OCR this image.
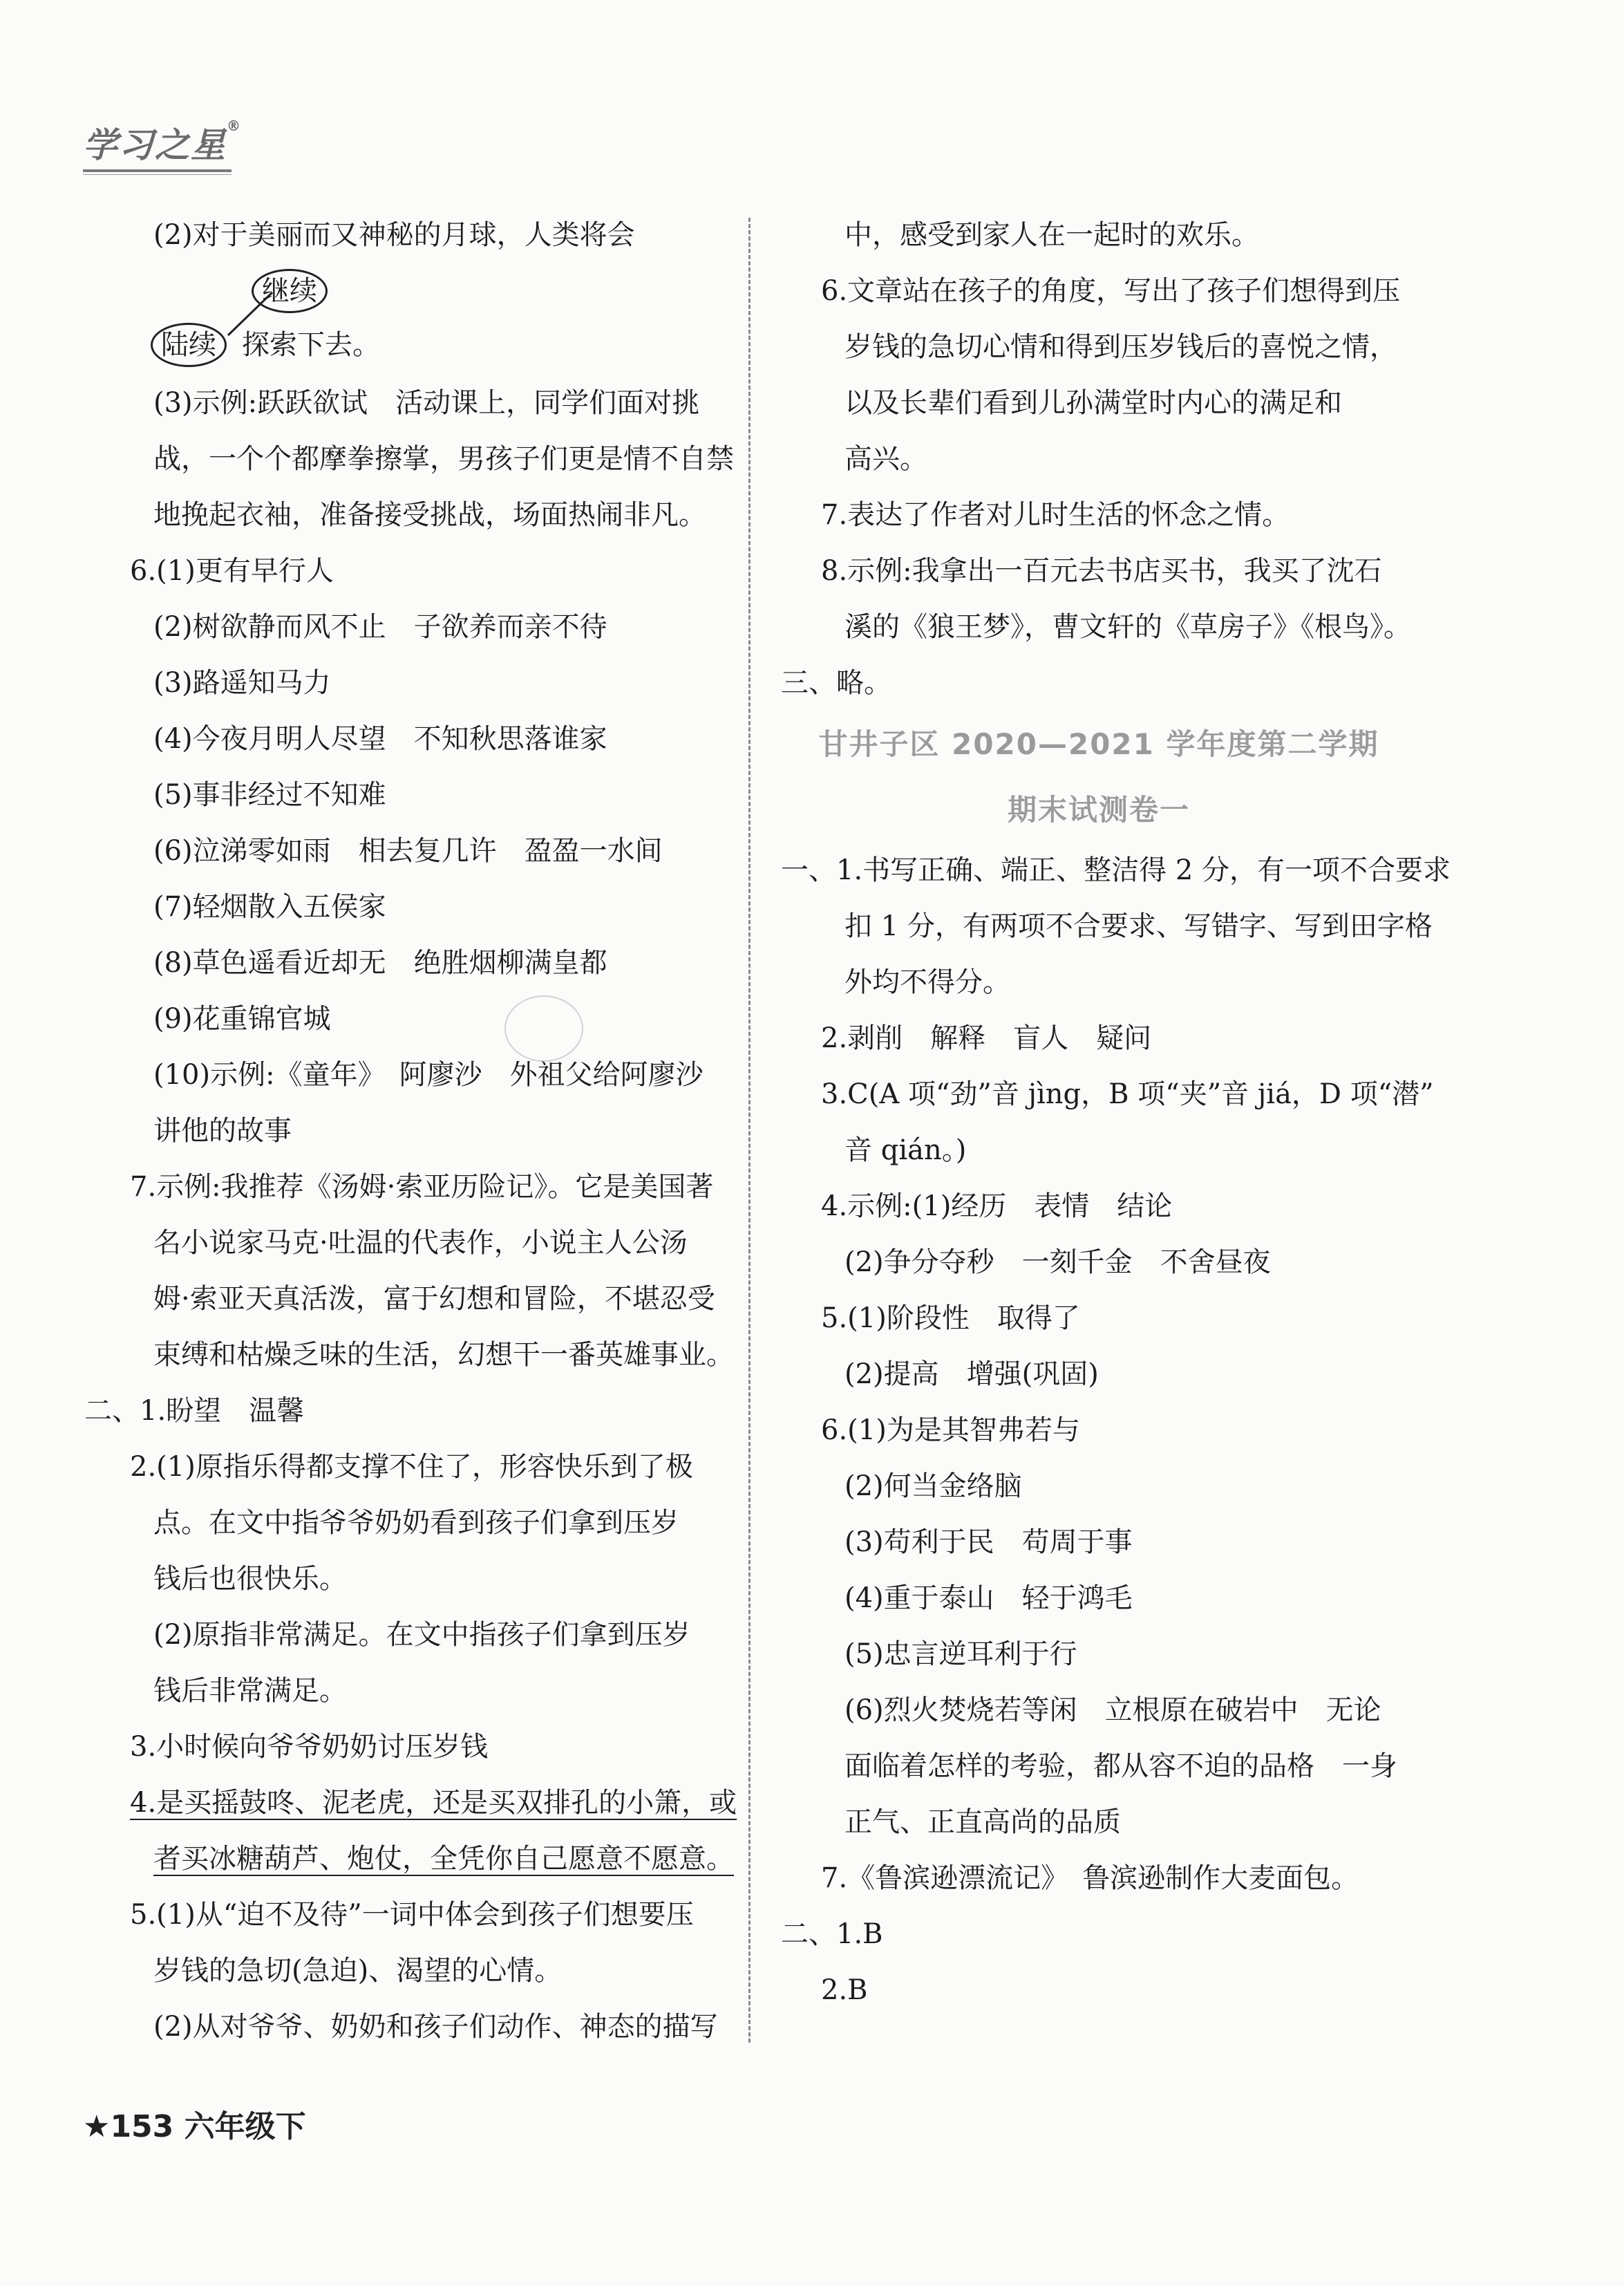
学习之星®
(2)对于美丽而又神秘的月球，人类将会
继续
陆续 探索下去。
(3)示例:跃跃欲试　活动课上，同学们面对挑
战，一个个都摩拳擦掌，男孩子们更是情不自禁
地挽起衣袖，准备接受挑战，场面热闹非凡。
6.(1)更有早行人
(2)树欲静而风不止　子欲养而亲不待
(3)路遥知马力
(4)今夜月明人尽望　不知秋思落谁家
(5)事非经过不知难
(6)泣涕零如雨　相去复几许　盈盈一水间
(7)轻烟散入五侯家
(8)草色遥看近却无　绝胜烟柳满皇都
(9)花重锦官城
(10)示例:《童年》　阿廖沙　外祖父给阿廖沙
讲他的故事
7.示例:我推荐《汤姆·索亚历险记》。它是美国著
名小说家马克·吐温的代表作，小说主人公汤
姆·索亚天真活泼，富于幻想和冒险，不堪忍受
束缚和枯燥乏味的生活，幻想干一番英雄事业。
二、1.盼望　温馨
2.(1)原指乐得都支撑不住了，形容快乐到了极
点。在文中指爷爷奶奶看到孩子们拿到压岁
钱后也很快乐。
(2)原指非常满足。在文中指孩子们拿到压岁
钱后非常满足。
3.小时候向爷爷奶奶讨压岁钱
4.是买摇鼓咚、泥老虎，还是买双排孔的小箫，或
者买冰糖葫芦、炮仗，全凭你自己愿意不愿意。
5.(1)从“迫不及待”一词中体会到孩子们想要压
岁钱的急切(急迫)、渴望的心情。
(2)从对爷爷、奶奶和孩子们动作、神态的描写
中，感受到家人在一起时的欢乐。
6.文章站在孩子的角度，写出了孩子们想得到压
岁钱的急切心情和得到压岁钱后的喜悦之情，
以及长辈们看到儿孙满堂时内心的满足和
高兴。
7.表达了作者对儿时生活的怀念之情。
8.示例:我拿出一百元去书店买书，我买了沈石
溪的《狼王梦》，曹文轩的《草房子》《根鸟》。
三、略。
甘井子区 2020—2021 学年度第二学期
期末试测卷一
一、1.书写正确、端正、整洁得 2 分，有一项不合要求
扣 1 分，有两项不合要求、写错字、写到田字格
外均不得分。
2.剥削　解释　盲人　疑问
3.C(A 项“劲”音 jìng，B 项“夹”音 jiá，D 项“潜”
音 qián。)
4.示例:(1)经历　表情　结论
(2)争分夺秒　一刻千金　不舍昼夜
5.(1)阶段性　取得了
(2)提高　增强(巩固)
6.(1)为是其智弗若与
(2)何当金络脑
(3)苟利于民　苟周于事
(4)重于泰山　轻于鸿毛
(5)忠言逆耳利于行
(6)烈火焚烧若等闲　立根原在破岩中　无论
面临着怎样的考验，都从容不迫的品格　一身
正气、正直高尚的品质
7.《鲁滨逊漂流记》　鲁滨逊制作大麦面包。
二、1.B
2.B
★153 六年级下
